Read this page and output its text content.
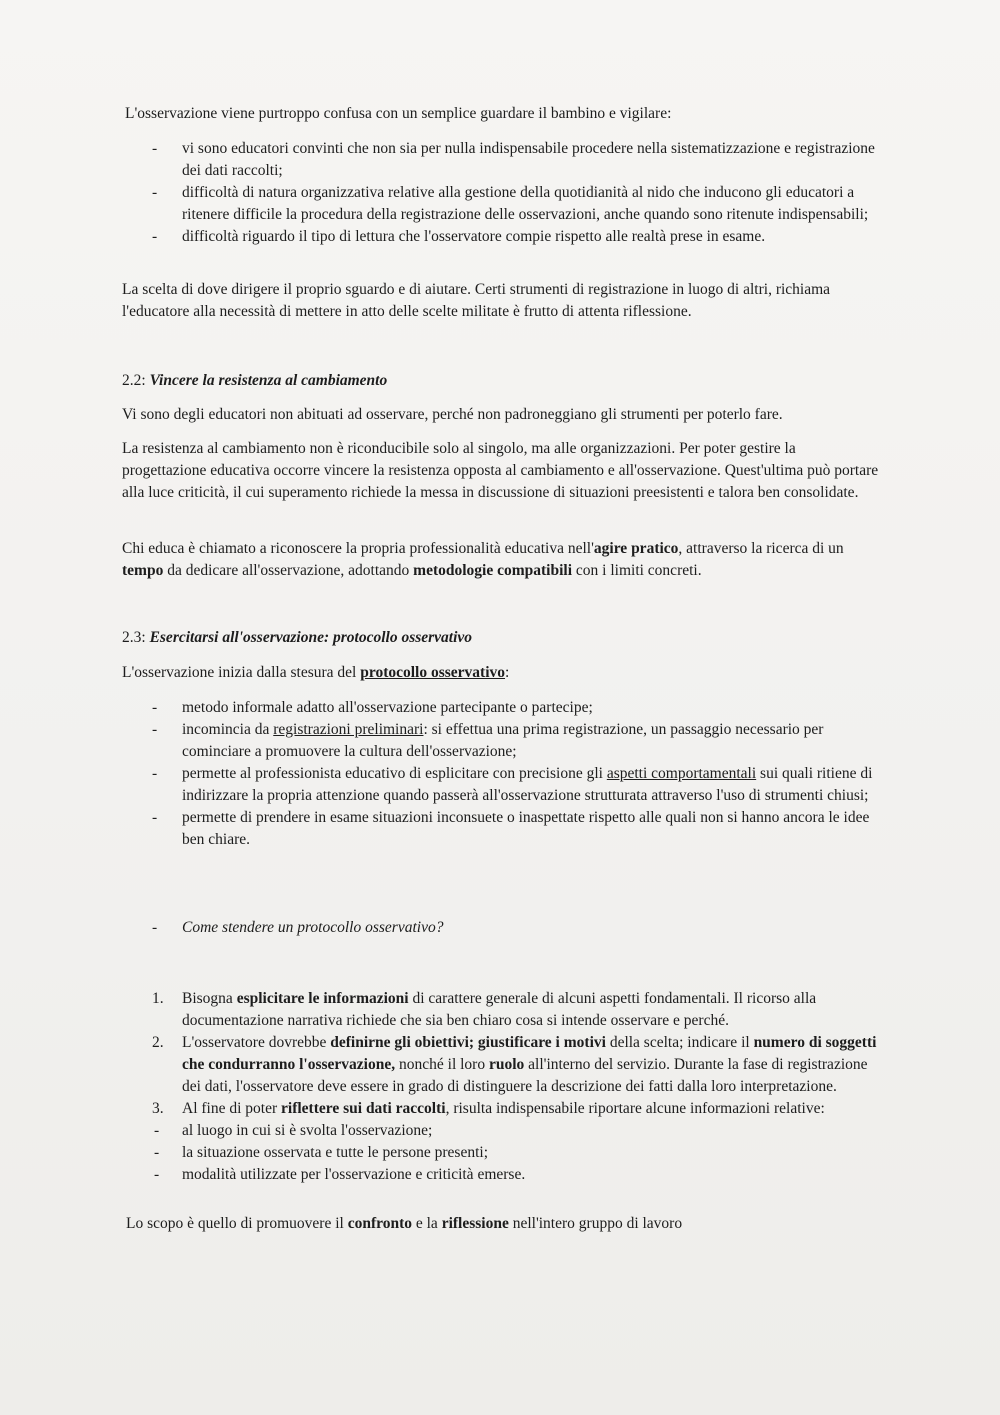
L'osservazione viene purtroppo confusa con un semplice guardare il bambino e vigilare:

- vi sono educatori convinti che non sia per nulla indispensabile procedere nella sistematizzazione e registrazione dei dati raccolti;
- difficoltà di natura organizzativa relative alla gestione della quotidianità al nido che inducono gli educatori a ritenere difficile la procedura della registrazione delle osservazioni, anche quando sono ritenute indispensabili;
- difficoltà riguardo il tipo di lettura che l'osservatore compie rispetto alle realtà prese in esame.

La scelta di dove dirigere il proprio sguardo e di aiutare. Certi strumenti di registrazione in luogo di altri, richiama l'educatore alla necessità di mettere in atto delle scelte militate è frutto di attenta riflessione.

2.2: Vincere la resistenza al cambiamento

Vi sono degli educatori non abituati ad osservare, perché non padroneggiano gli strumenti per poterlo fare.

La resistenza al cambiamento non è riconducibile solo al singolo, ma alle organizzazioni. Per poter gestire la progettazione educativa occorre vincere la resistenza opposta al cambiamento e all'osservazione. Quest'ultima può portare alla luce criticità, il cui superamento richiede la messa in discussione di situazioni preesistenti e talora ben consolidate.

Chi educa è chiamato a riconoscere la propria professionalità educativa nell'agire pratico, attraverso la ricerca di un tempo da dedicare all'osservazione, adottando metodologie compatibili con i limiti concreti.

2.3: Esercitarsi all'osservazione: protocollo osservativo

L'osservazione inizia dalla stesura del protocollo osservativo:

- metodo informale adatto all'osservazione partecipante o partecipe;
- incomincia da registrazioni preliminari: si effettua una prima registrazione, un passaggio necessario per cominciare a promuovere la cultura dell'osservazione;
- permette al professionista educativo di esplicitare con precisione gli aspetti comportamentali sui quali ritiene di indirizzare la propria attenzione quando passerà all'osservazione strutturata attraverso l'uso di strumenti chiusi;
- permette di prendere in esame situazioni inconsuete o inaspettate rispetto alle quali non si hanno ancora le idee ben chiare.
- Come stendere un protocollo osservativo?
1. Bisogna esplicitare le informazioni di carattere generale di alcuni aspetti fondamentali. Il ricorso alla documentazione narrativa richiede che sia ben chiaro cosa si intende osservare e perché.
2. L'osservatore dovrebbe definirne gli obiettivi; giustificare i motivi della scelta; indicare il numero di soggetti che condurranno l'osservazione, nonché il loro ruolo all'interno del servizio. Durante la fase di registrazione dei dati, l'osservatore deve essere in grado di distinguere la descrizione dei fatti dalla loro interpretazione.
3. Al fine di poter riflettere sui dati raccolti, risulta indispensabile riportare alcune informazioni relative:
- al luogo in cui si è svolta l'osservazione;
- la situazione osservata e tutte le persone presenti;
- modalità utilizzate per l'osservazione e criticità emerse.

Lo scopo è quello di promuovere il confronto e la riflessione nell'intero gruppo di lavoro
